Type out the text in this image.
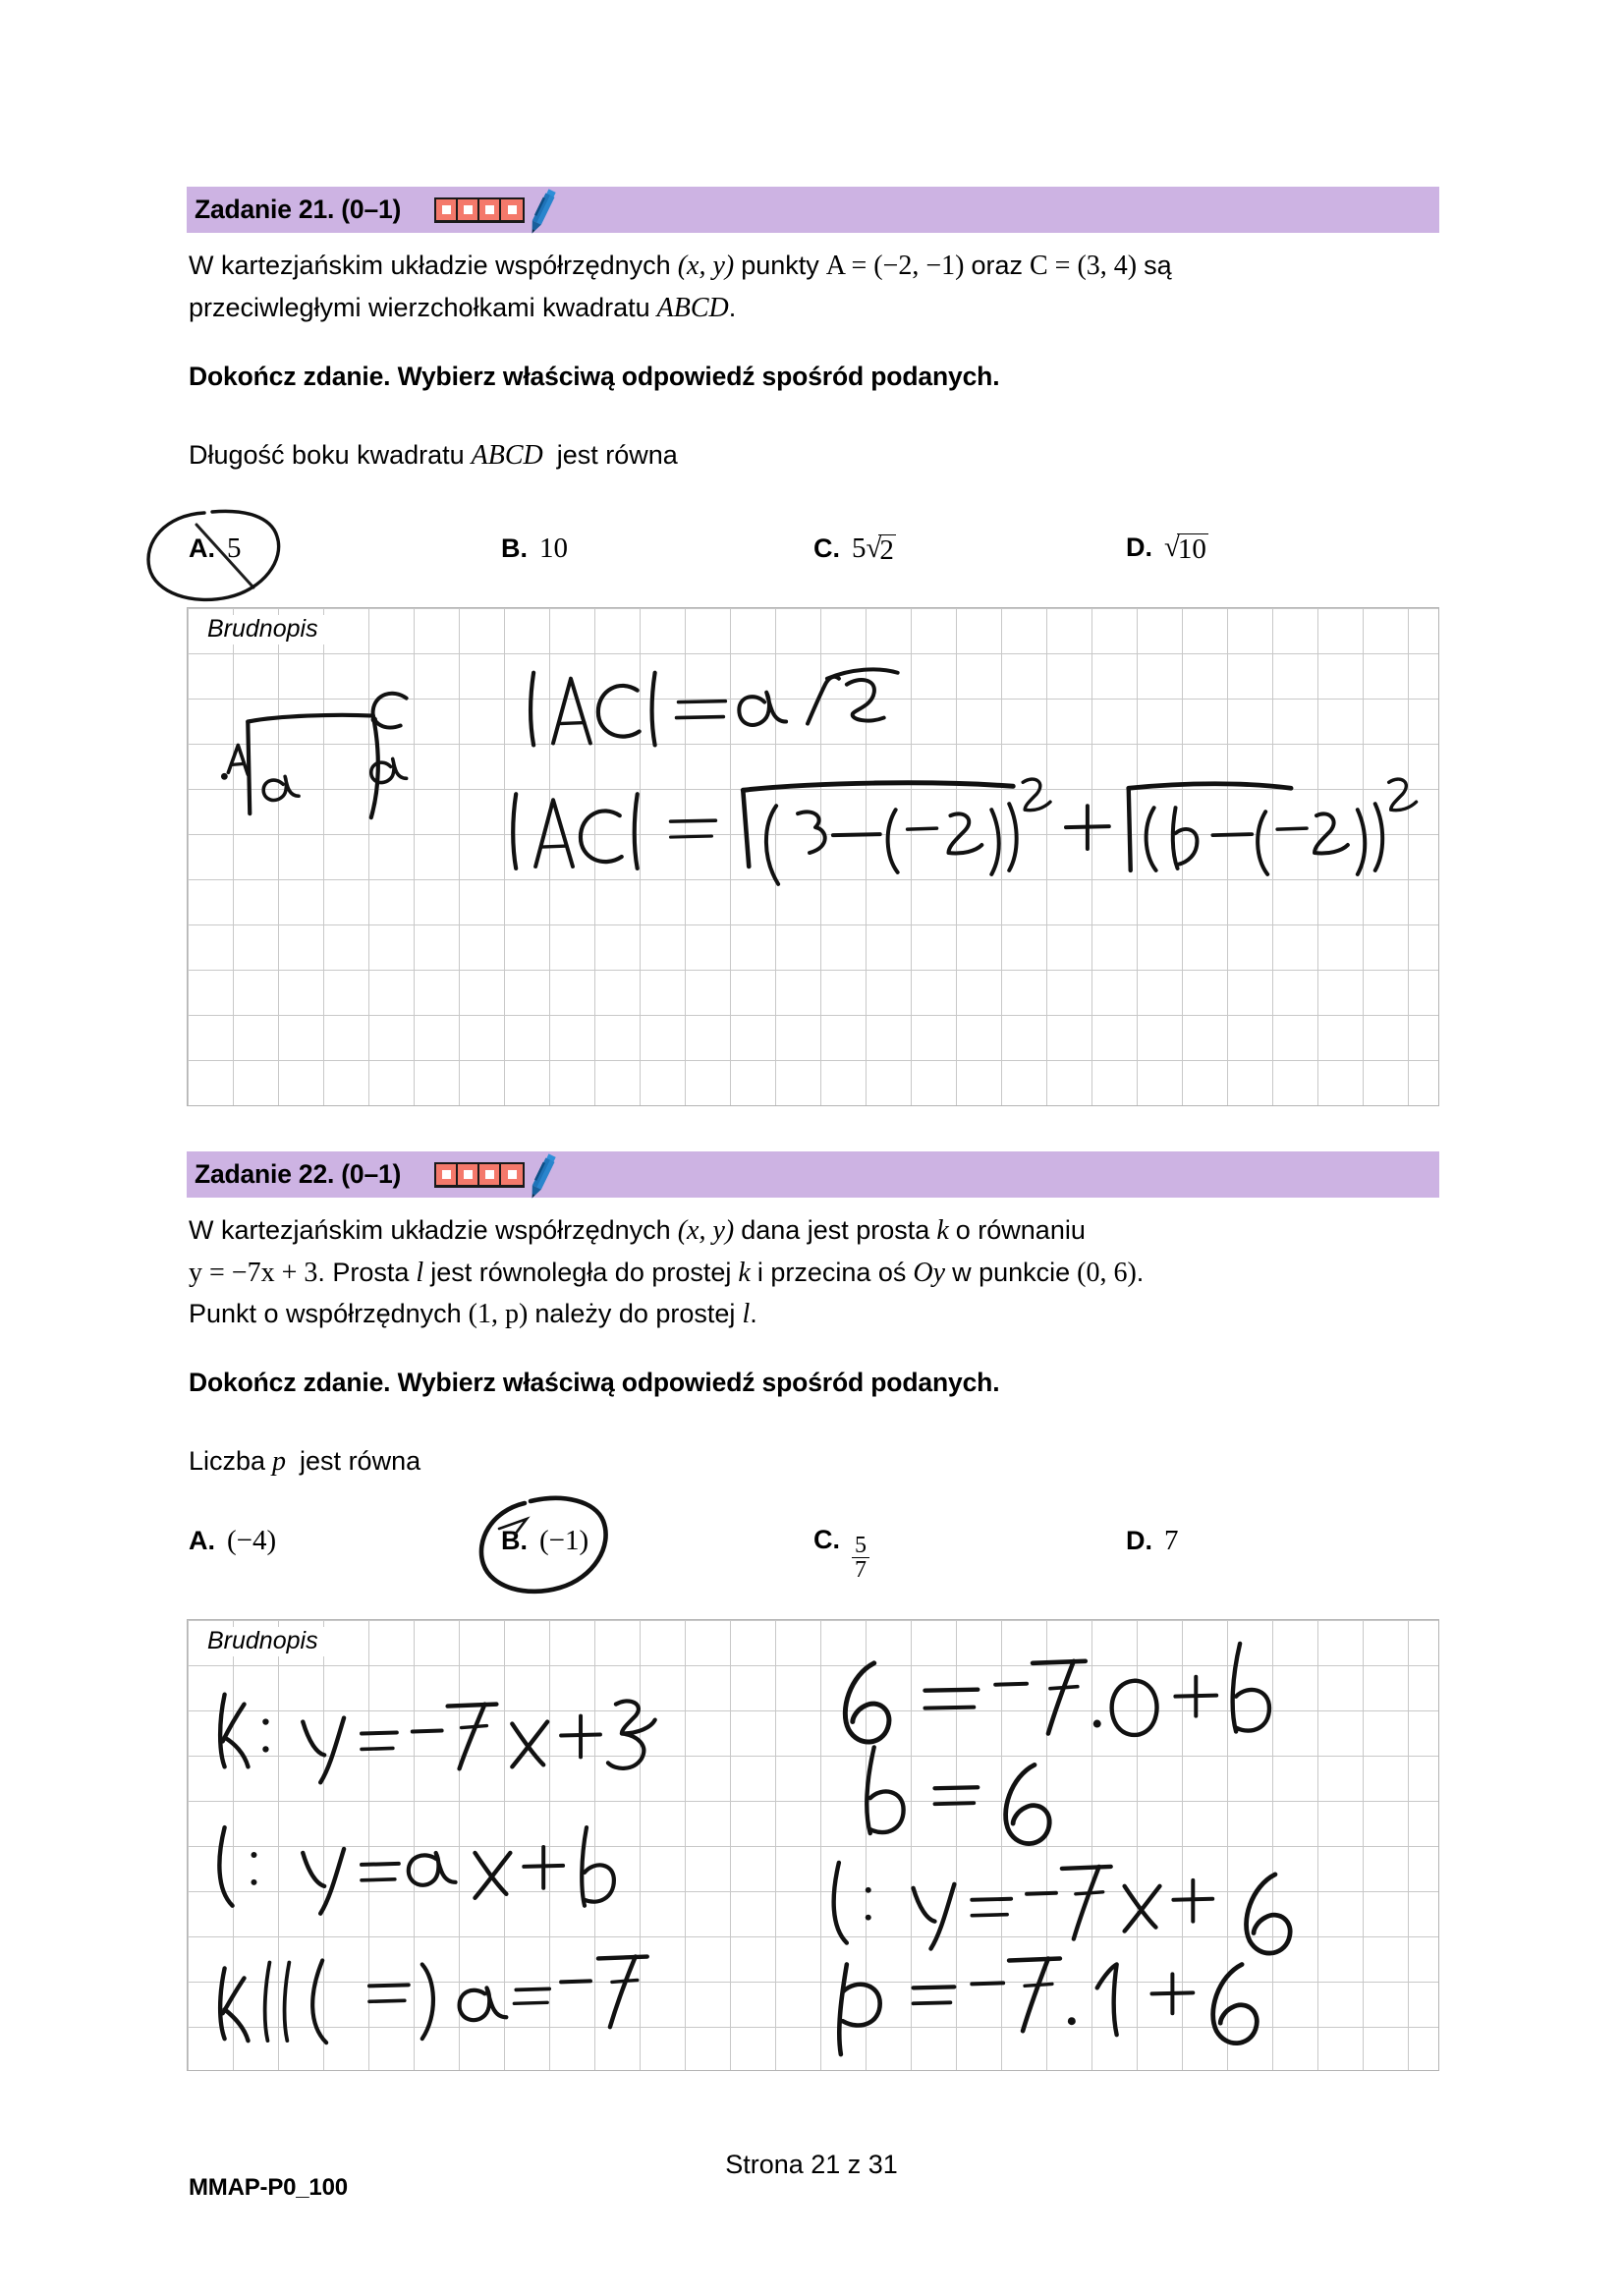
Zadanie 21. (0–1)
W kartezjańskim układzie współrzędnych (x, y) punkty A = (−2, −1) oraz C = (3, 4) są
przeciwległymi wierzchołkami kwadratu ABCD.
Dokończ zdanie. Wybierz właściwą odpowiedź spośród podanych.
Długość boku kwadratu ABCD jest równa
A. 5	B. 10	C. 5 √
2	D. √
10
Brudnopis
Zadanie 22. (0–1)
W kartezjańskim układzie współrzędnych (x, y) dana jest prosta k o równaniu
y = −7x + 3. Prosta l jest równoległa do prostej k i przecina oś Oy w punkcie (0, 6).
Punkt o współrzędnych (1, p) należy do prostej l.
Dokończ zdanie. Wybierz właściwą odpowiedź spośród podanych.
Liczba p jest równa
A. (−4)	B. (−1)	C. $\frac{5}{7}$	D. 7
Brudnopis
Strona 21 z 31
MMAP-P0_100
